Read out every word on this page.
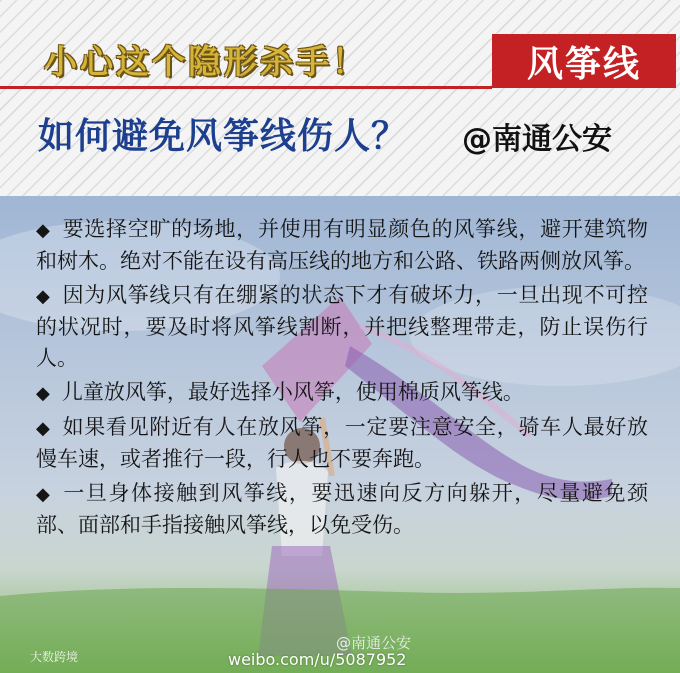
小心这个隐形杀手！	风筝线
如何避免风筝线伤人？ @南通公安
◆ 要选择空旷的场地，并使用有明显颜色的风筝线，避开建筑物和树木。绝对不能在设有高压线的地方和公路、铁路两侧放风筝。
◆ 因为风筝线只有在绷紧的状态下才有破坏力，一旦出现不可控的状况时，要及时将风筝线割断，并把线整理带走，防止误伤行人。
◆ 儿童放风筝，最好选择小风筝，使用棉质风筝线。
◆ 如果看见附近有人在放风筝，一定要注意安全，骑车人最好放慢车速，或者推行一段，行人也不要奔跑。
◆ 一旦身体接触到风筝线，要迅速向反方向躲开，尽量避免颈部、面部和手指接触风筝线，以免受伤。
大数跨境
@南通公安
weibo.com/u/5087952
